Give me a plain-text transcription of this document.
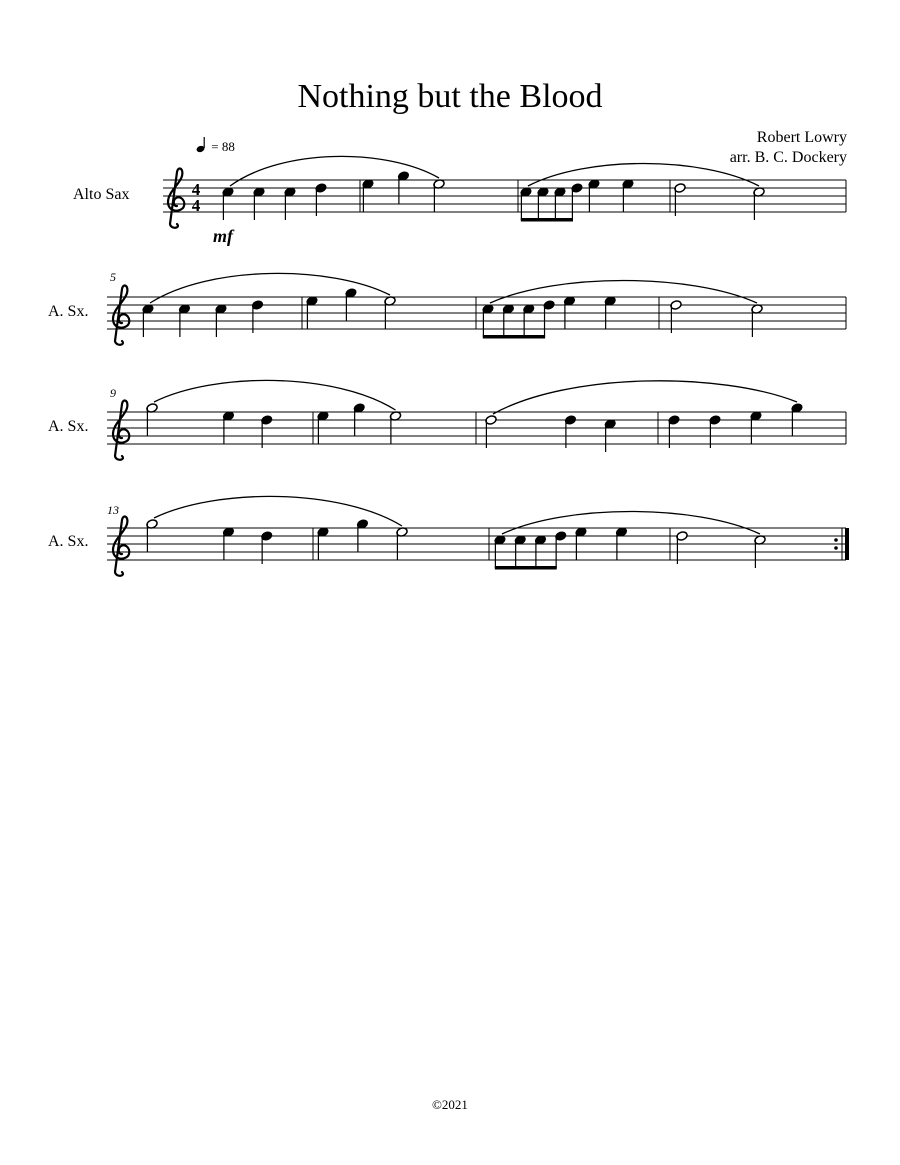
Nothing but the Blood
Robert Lowry
arr. B. C. Dockery
= 88
mf
Alto Sax
A. Sx.
A. Sx.
A. Sx.
5
9
13
4
4
©2021
